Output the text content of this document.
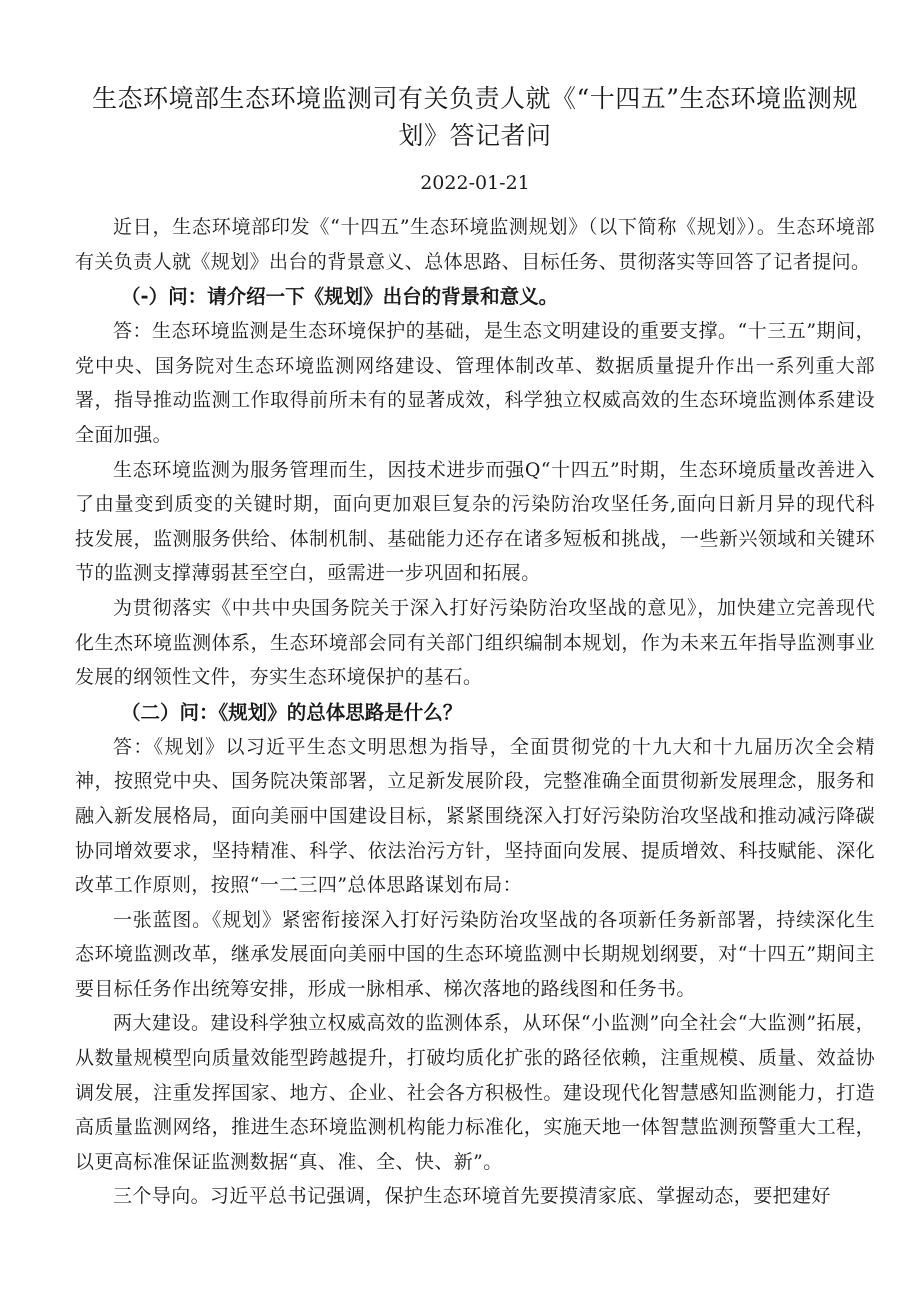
生态环境部生态环境监测司有关负责人就《“十四五”生态环境监测规划》答记者问
2022-01-21

近日，生态环境部印发《“十四五”生态环境监测规划》（以下简称《规划》）。生态环境部有关负责人就《规划》出台的背景意义、总体思路、目标任务、贯彻落实等回答了记者提问。

（-）问：请介绍一下《规划》出台的背景和意义。

答：生态环境监测是生态环境保护的基础，是生态文明建设的重要支撑。“十三五”期间，党中央、国务院对生态环境监测网络建设、管理体制改革、数据质量提升作出一系列重大部署，指导推动监测工作取得前所未有的显著成效，科学独立权威高效的生态环境监测体系建设全面加强。

生态环境监测为服务管理而生，因技术进步而强Q“十四五”时期，生态环境质量改善进入了由量变到质变的关键时期，面向更加艰巨复杂的污染防治攻坚任务,面向日新月异的现代科技发展，监测服务供给、体制机制、基础能力还存在诸多短板和挑战，一些新兴领域和关键环节的监测支撑薄弱甚至空白，亟需进一步巩固和拓展。

为贯彻落实《中共中央国务院关于深入打好污染防治攻坚战的意见》，加快建立完善现代化生杰环境监测体系，生态环境部会同有关部门组织编制本规划，作为未来五年指导监测事业发展的纲领性文件，夯实生态环境保护的基石。

（二）问：《规划》的总体思路是什么？

答：《规划》以习近平生态文明思想为指导，全面贯彻党的十九大和十九届历次全会精神，按照党中央、国务院决策部署，立足新发展阶段，完整准确全面贯彻新发展理念，服务和融入新发展格局，面向美丽中国建设目标，紧紧围绕深入打好污染防治攻坚战和推动减污降碳协同增效要求，坚持精准、科学、依法治污方针，坚持面向发展、提质增效、科技赋能、深化改革工作原则，按照“一二三四”总体思路谋划布局：

一张蓝图。《规划》紧密衔接深入打好污染防治攻坚战的各项新任务新部署，持续深化生态环境监测改革，继承发展面向美丽中国的生态环境监测中长期规划纲要，对“十四五”期间主要目标任务作出统筹安排，形成一脉相承、梯次落地的路线图和任务书。

两大建设。建设科学独立权威高效的监测体系，从环保“小监测”向全社会“大监测”拓展，从数量规模型向质量效能型跨越提升，打破均质化扩张的路径依赖，注重规模、质量、效益协调发展，注重发挥国家、地方、企业、社会各方积极性。建设现代化智慧感知监测能力，打造高质量监测网络，推进生态环境监测机构能力标准化，实施天地一体智慧监测预警重大工程，以更高标准保证监测数据“真、准、全、快、新”。

三个导向。习近平总书记强调，保护生态环境首先要摸清家底、掌握动态，要把建好
